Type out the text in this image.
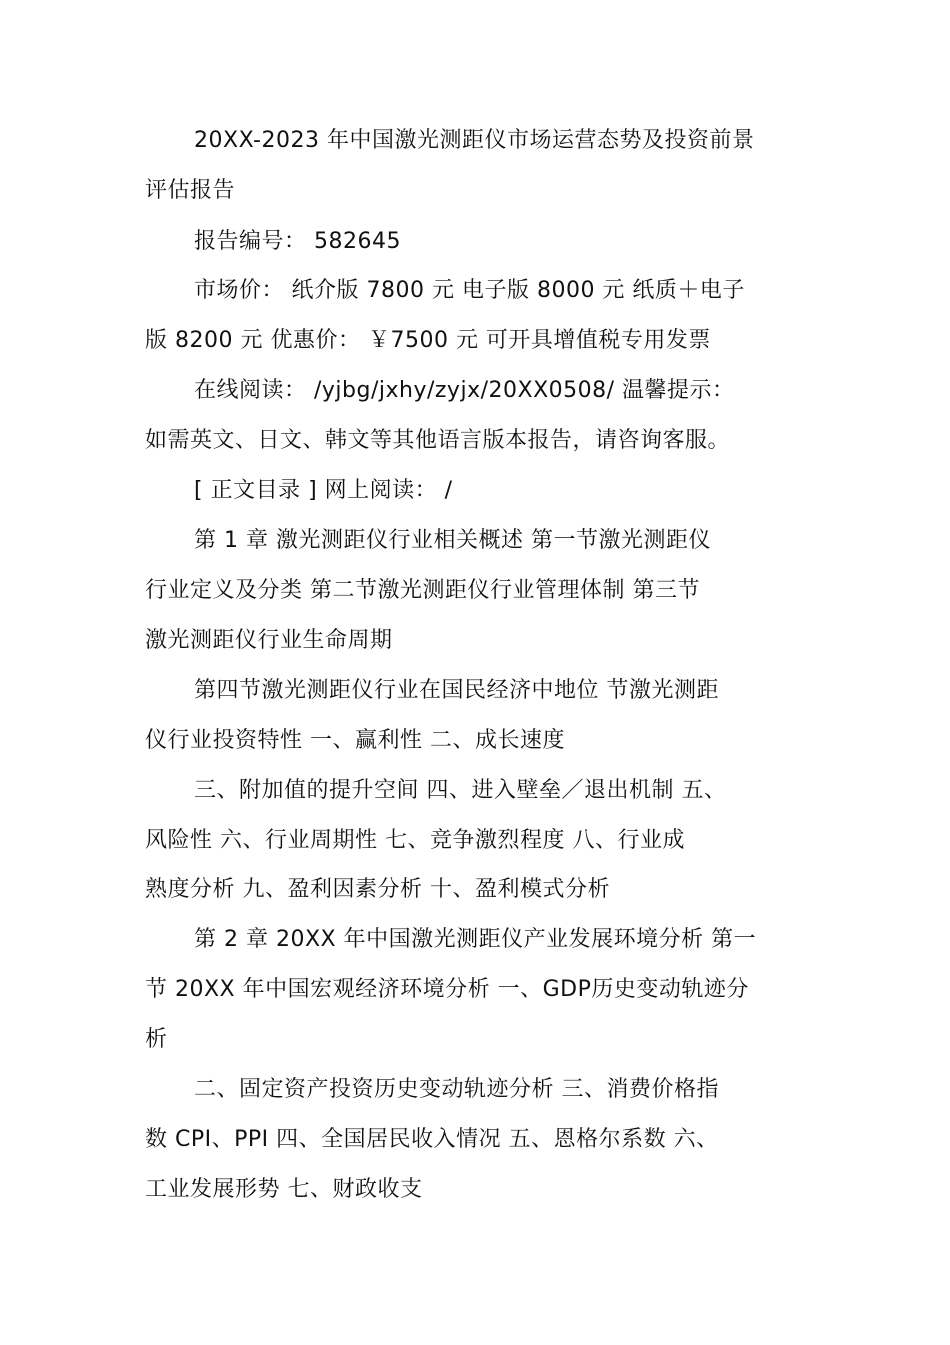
20XX-2023 年中国激光测距仪市场运营态势及投资前景
评估报告
报告编号： 582645
市场价： 纸介版 7800 元 电子版 8000 元 纸质＋电子
版 8200 元 优惠价： ￥7500 元 可开具增值税专用发票
在线阅读： /yjbg/jxhy/zyjx/20XX0508/ 温馨提示：
如需英文、日文、韩文等其他语言版本报告，请咨询客服。
[ 正文目录 ] 网上阅读： /
第 1 章 激光测距仪行业相关概述 第一节激光测距仪
行业定义及分类 第二节激光测距仪行业管理体制 第三节
激光测距仪行业生命周期
第四节激光测距仪行业在国民经济中地位 节激光测距
仪行业投资特性 一、赢利性 二、成长速度
三、附加值的提升空间 四、进入壁垒／退出机制 五、
风险性 六、行业周期性 七、竞争激烈程度 八、行业成
熟度分析 九、盈利因素分析 十、盈利模式分析
第 2 章 20XX 年中国激光测距仪产业发展环境分析 第一
节 20XX 年中国宏观经济环境分析 一、GDP历史变动轨迹分
析
二、固定资产投资历史变动轨迹分析 三、消费价格指
数 CPI、PPI 四、全国居民收入情况 五、恩格尔系数 六、
工业发展形势 七、财政收支
